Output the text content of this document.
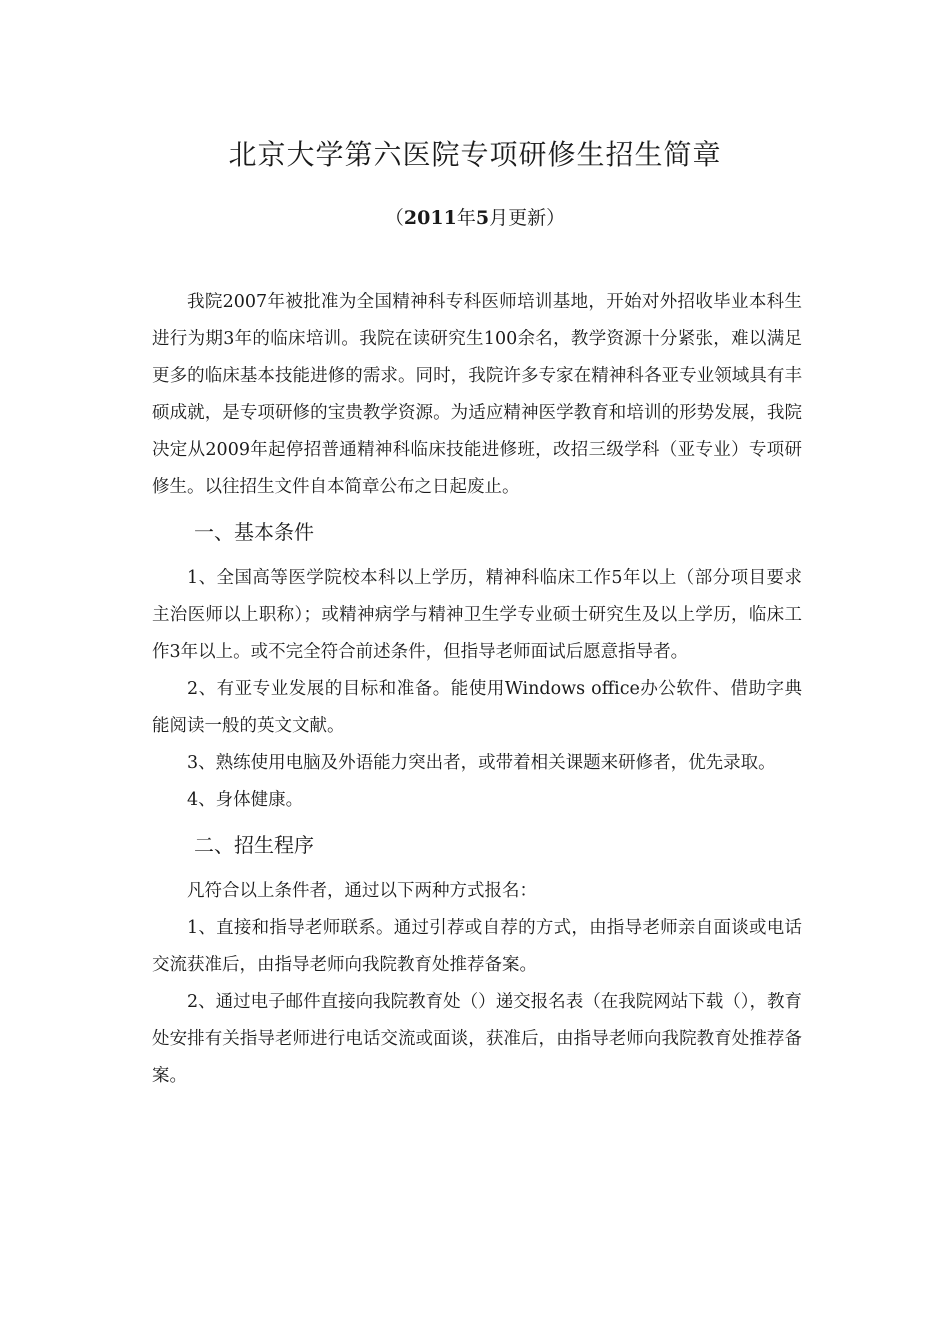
北京大学第六医院专项研修生招生简章
（2011年5月更新）

我院2007年被批准为全国精神科专科医师培训基地，开始对外招收毕业本科生进行为期3年的临床培训。我院在读研究生100余名，教学资源十分紧张，难以满足更多的临床基本技能进修的需求。同时，我院许多专家在精神科各亚专业领域具有丰硕成就，是专项研修的宝贵教学资源。为适应精神医学教育和培训的形势发展，我院决定从2009年起停招普通精神科临床技能进修班，改招三级学科（亚专业）专项研修生。以往招生文件自本简章公布之日起废止。

一、基本条件

1、全国高等医学院校本科以上学历，精神科临床工作5年以上（部分项目要求主治医师以上职称）；或精神病学与精神卫生学专业硕士研究生及以上学历，临床工作3年以上。或不完全符合前述条件，但指导老师面试后愿意指导者。

2、有亚专业发展的目标和准备。能使用Windows office办公软件、借助字典能阅读一般的英文文献。

3、熟练使用电脑及外语能力突出者，或带着相关课题来研修者，优先录取。

4、身体健康。

二、招生程序

凡符合以上条件者，通过以下两种方式报名：

1、直接和指导老师联系。通过引荐或自荐的方式，由指导老师亲自面谈或电话交流获准后，由指导老师向我院教育处推荐备案。

2、通过电子邮件直接向我院教育处（）递交报名表（在我院网站下载（），教育处安排有关指导老师进行电话交流或面谈，获准后，由指导老师向我院教育处推荐备案。
